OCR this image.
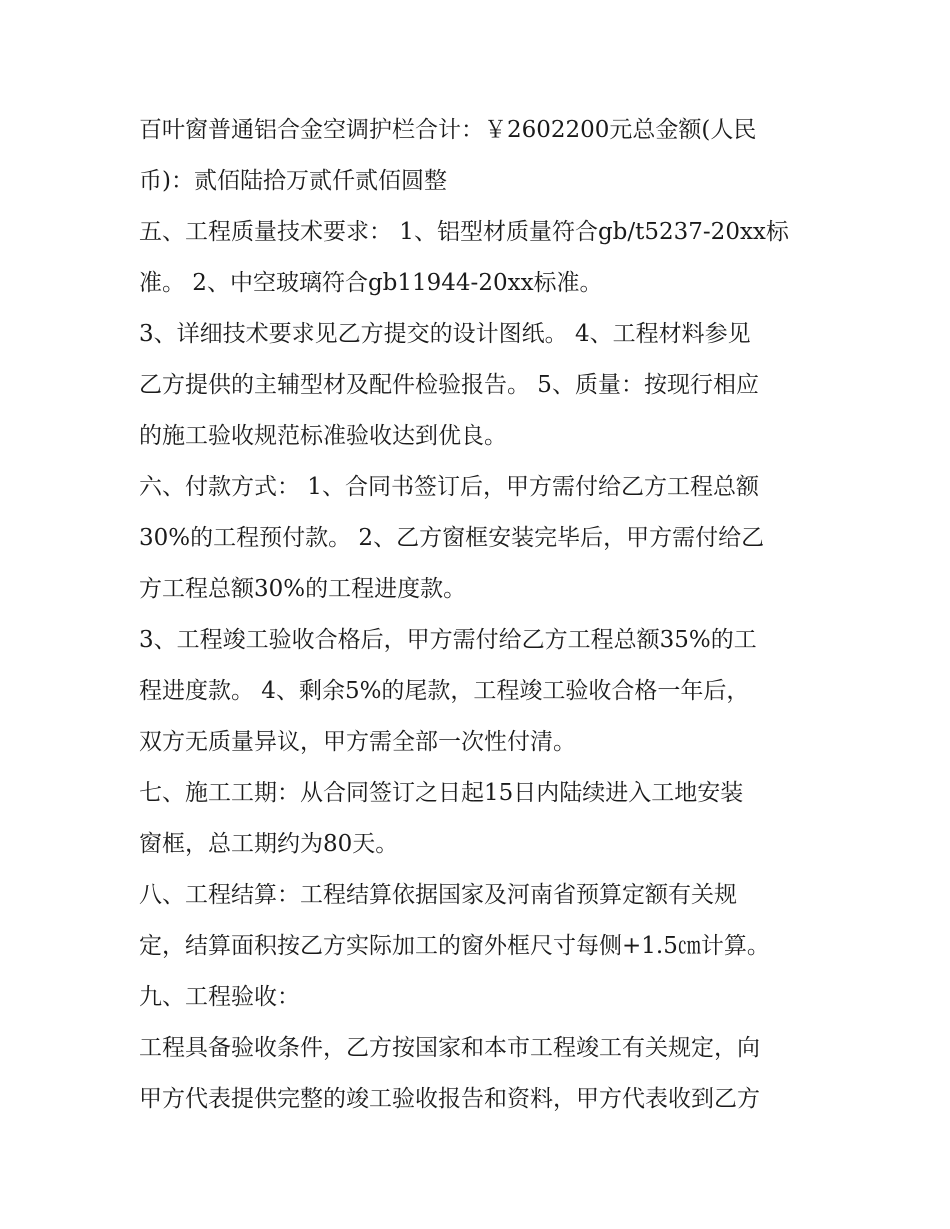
百叶窗普通铝合金空调护栏合计：￥2602200元总金额(人民
币)：贰佰陆拾万贰仟贰佰圆整
五、工程质量技术要求： 1、铝型材质量符合gb/t5237-20xx标
准。 2、中空玻璃符合gb11944-20xx标准。
3、详细技术要求见乙方提交的设计图纸。 4、工程材料参见
乙方提供的主辅型材及配件检验报告。 5、质量：按现行相应
的施工验收规范标准验收达到优良。
六、付款方式： 1、合同书签订后，甲方需付给乙方工程总额
30%的工程预付款。 2、乙方窗框安装完毕后，甲方需付给乙
方工程总额30%的工程进度款。
3、工程竣工验收合格后，甲方需付给乙方工程总额35%的工
程进度款。 4、剩余5%的尾款，工程竣工验收合格一年后，
双方无质量异议，甲方需全部一次性付清。
七、施工工期：从合同签订之日起15日内陆续进入工地安装
窗框，总工期约为80天。
八、工程结算：工程结算依据国家及河南省预算定额有关规
定，结算面积按乙方实际加工的窗外框尺寸每侧+1.5㎝计算。
九、工程验收：
工程具备验收条件，乙方按国家和本市工程竣工有关规定，向
甲方代表提供完整的竣工验收报告和资料，甲方代表收到乙方
